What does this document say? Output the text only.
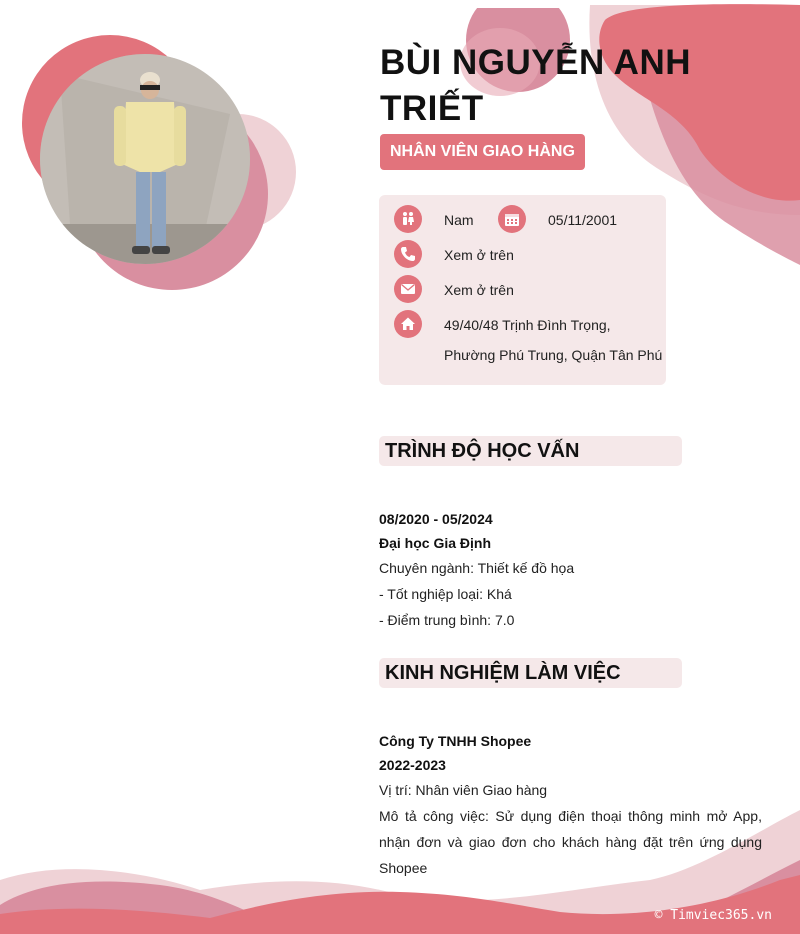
BÙI NGUYỄN ANH TRIẾT
NHÂN VIÊN GIAO HÀNG
Nam	05/11/2001
Xem ở trên
Xem ở trên
49/40/48 Trịnh Đình Trọng,
Phường Phú Trung, Quận Tân Phú
TRÌNH ĐỘ HỌC VẤN
08/2020 - 05/2024
Đại học Gia Định
Chuyên ngành: Thiết kế đồ họa
- Tốt nghiệp loại: Khá
- Điểm trung bình: 7.0
KINH NGHIỆM LÀM VIỆC
Công Ty TNHH Shopee
2022-2023
Vị trí: Nhân viên Giao hàng
Mô tả công việc: Sử dụng điện thoại thông minh mở App, nhận đơn và giao đơn cho khách hàng đặt trên ứng dụng Shopee
© Timviec365.vn
